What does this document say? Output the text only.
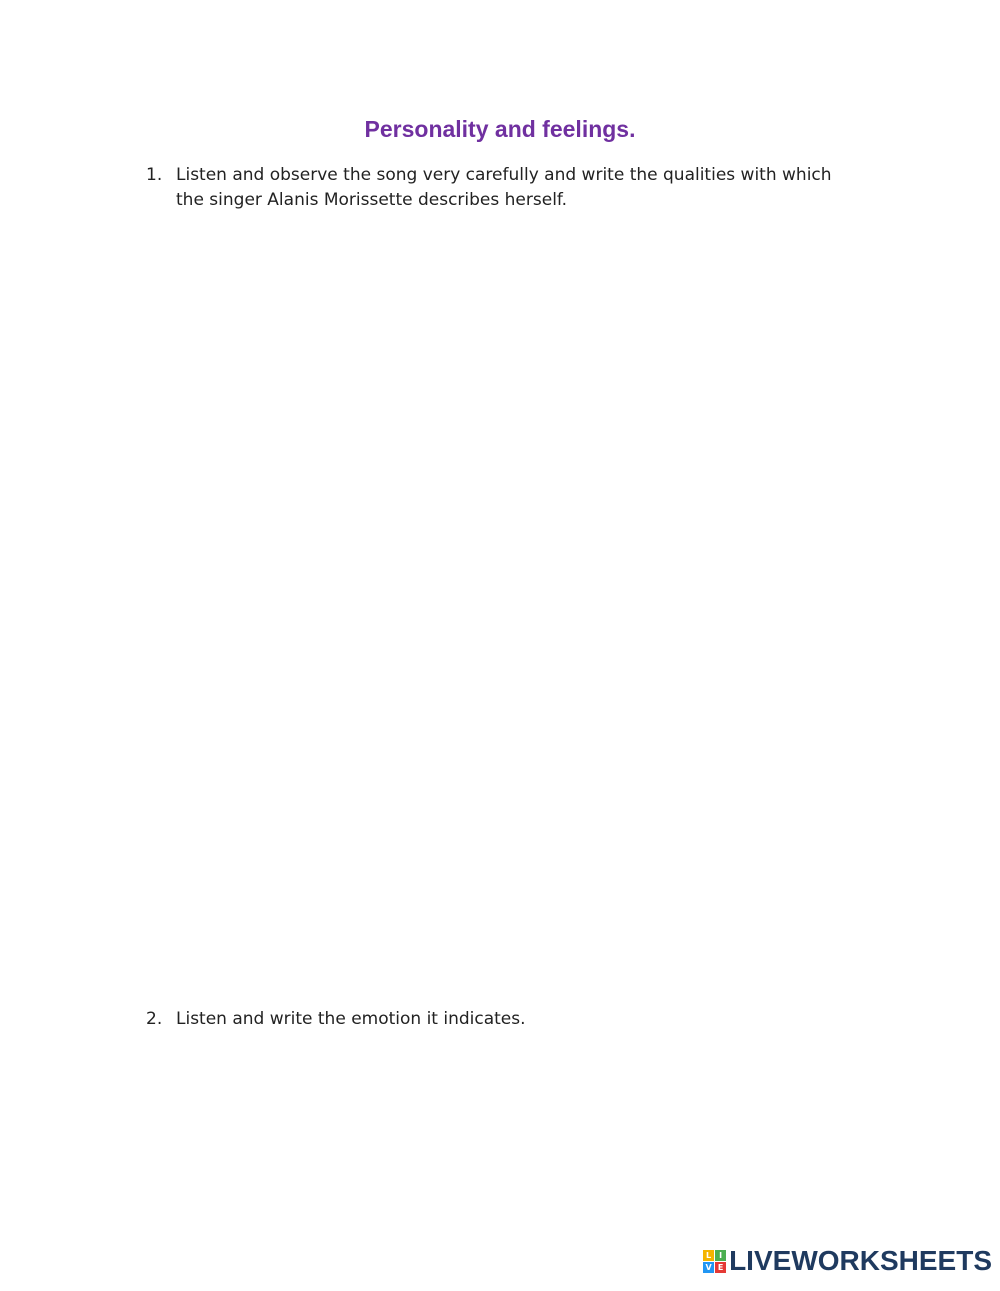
Personality and feelings.
1. Listen and observe the song very carefully and write the qualities with which the singer Alanis Morissette describes herself.
2. Listen and write the emotion it indicates.
L I
V E LIVEWORKSHEETS
